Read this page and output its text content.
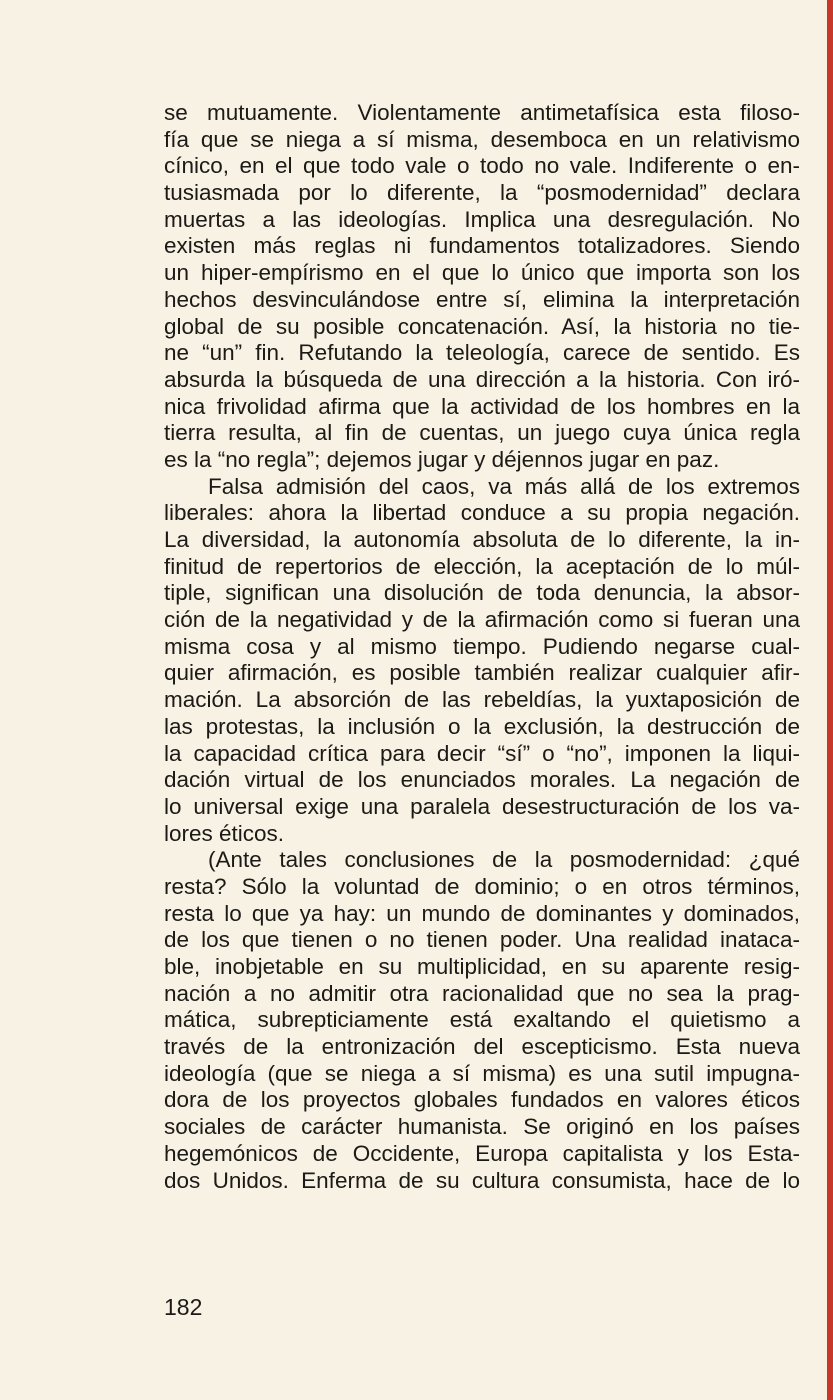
se mutuamente. Violentamente antimetafísica esta filoso-
fía que se niega a sí misma, desemboca en un relativismo
cínico, en el que todo vale o todo no vale. Indiferente o en-
tusiasmada por lo diferente, la “posmodernidad” declara
muertas a las ideologías. Implica una desregulación. No
existen más reglas ni fundamentos totalizadores. Siendo
un hiper-empírismo en el que lo único que importa son los
hechos desvinculándose entre sí, elimina la interpretación
global de su posible concatenación. Así, la historia no tie-
ne “un” fin. Refutando la teleología, carece de sentido. Es
absurda la búsqueda de una dirección a la historia. Con iró-
nica frivolidad afirma que la actividad de los hombres en la
tierra resulta, al fin de cuentas, un juego cuya única regla
es la “no regla”; dejemos jugar y déjennos jugar en paz.
Falsa admisión del caos, va más allá de los extremos
liberales: ahora la libertad conduce a su propia negación.
La diversidad, la autonomía absoluta de lo diferente, la in-
finitud de repertorios de elección, la aceptación de lo múl-
tiple, significan una disolución de toda denuncia, la absor-
ción de la negatividad y de la afirmación como si fueran una
misma cosa y al mismo tiempo. Pudiendo negarse cual-
quier afirmación, es posible también realizar cualquier afir-
mación. La absorción de las rebeldías, la yuxtaposición de
las protestas, la inclusión o la exclusión, la destrucción de
la capacidad crítica para decir “sí” o “no”, imponen la liqui-
dación virtual de los enunciados morales. La negación de
lo universal exige una paralela desestructuración de los va-
lores éticos.
(Ante tales conclusiones de la posmodernidad: ¿qué
resta? Sólo la voluntad de dominio; o en otros términos,
resta lo que ya hay: un mundo de dominantes y dominados,
de los que tienen o no tienen poder. Una realidad inataca-
ble, inobjetable en su multiplicidad, en su aparente resig-
nación a no admitir otra racionalidad que no sea la prag-
mática, subrepticiamente está exaltando el quietismo a
través de la entronización del escepticismo. Esta nueva
ideología (que se niega a sí misma) es una sutil impugna-
dora de los proyectos globales fundados en valores éticos
sociales de carácter humanista. Se originó en los países
hegemónicos de Occidente, Europa capitalista y los Esta-
dos Unidos. Enferma de su cultura consumista, hace de lo
182
